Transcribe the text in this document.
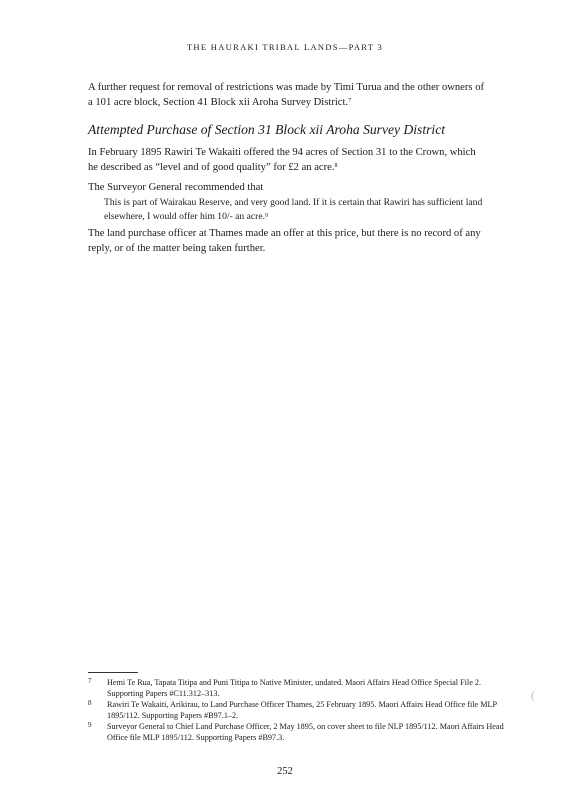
THE HAURAKI TRIBAL LANDS—PART 3

A further request for removal of restrictions was made by Timi Turua and the other owners of a 101 acre block, Section 41 Block xii Aroha Survey District.$^7$

Attempted Purchase of Section 31 Block xii Aroha Survey District

In February 1895 Rawiri Te Wakaiti offered the 94 acres of Section 31 to the Crown, which he described as “level and of good quality” for £2 an acre.$^8$

The Surveyor General recommended that

This is part of Wairakau Reserve, and very good land. If it is certain that Rawiri has sufficient land elsewhere, I would offer him 10/- an acre.$^9$

The land purchase officer at Thames made an offer at this price, but there is no record of any reply, or of the matter being taken further.

7 Hemi Te Rua, Tapata Titipa and Puni Titipa to Native Minister, undated. Maori Affairs Head Office Special File 2. Supporting Papers #C11.312–313.
8 Rawiri Te Wakaiti, Arikirau, to Land Purchase Officer Thames, 25 February 1895. Maori Affairs Head Office file MLP 1895/112. Supporting Papers #B97.1–2.
9 Surveyor General to Chief Land Purchase Officer, 2 May 1895, on cover sheet to file NLP 1895/112. Maori Affairs Head Office file MLP 1895/112. Supporting Papers #B97.3.
252
(
